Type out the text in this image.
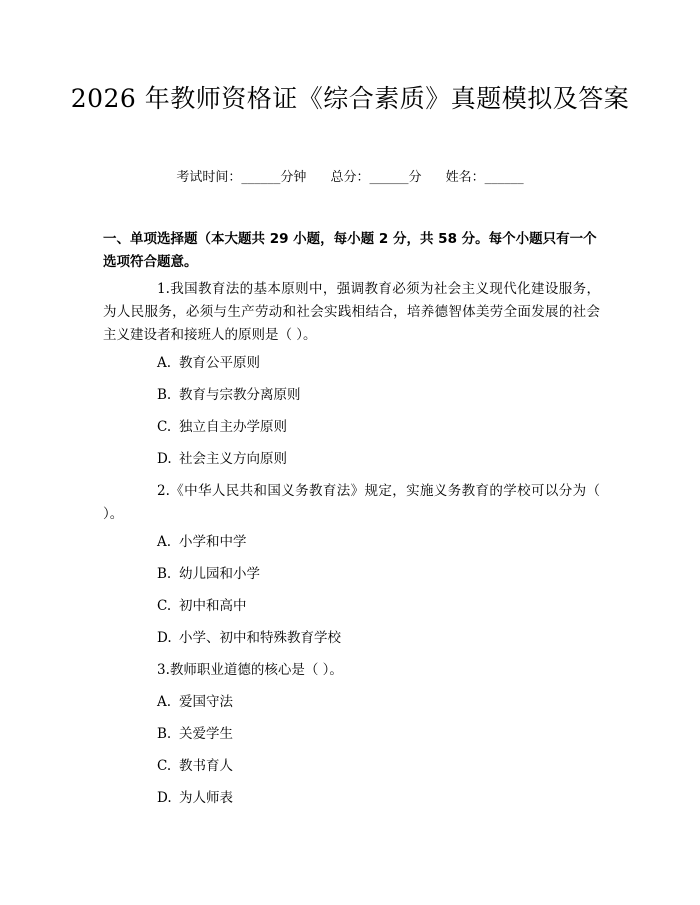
2026 年教师资格证《综合素质》真题模拟及答案
考试时间：______分钟 总分：______分 姓名：______
一、单项选择题（本大题共 29 小题，每小题 2 分，共 58 分。每个小题只有一个选项符合题意。
1.我国教育法的基本原则中，强调教育必须为社会主义现代化建设服务，为人民服务，必须与生产劳动和社会实践相结合，培养德智体美劳全面发展的社会主义建设者和接班人的原则是（ ）。
A. 教育公平原则
B. 教育与宗教分离原则
C. 独立自主办学原则
D. 社会主义方向原则
2.《中华人民共和国义务教育法》规定，实施义务教育的学校可以分为（ ）。
A. 小学和中学
B. 幼儿园和小学
C. 初中和高中
D. 小学、初中和特殊教育学校
3.教师职业道德的核心是（ ）。
A. 爱国守法
B. 关爱学生
C. 教书育人
D. 为人师表
